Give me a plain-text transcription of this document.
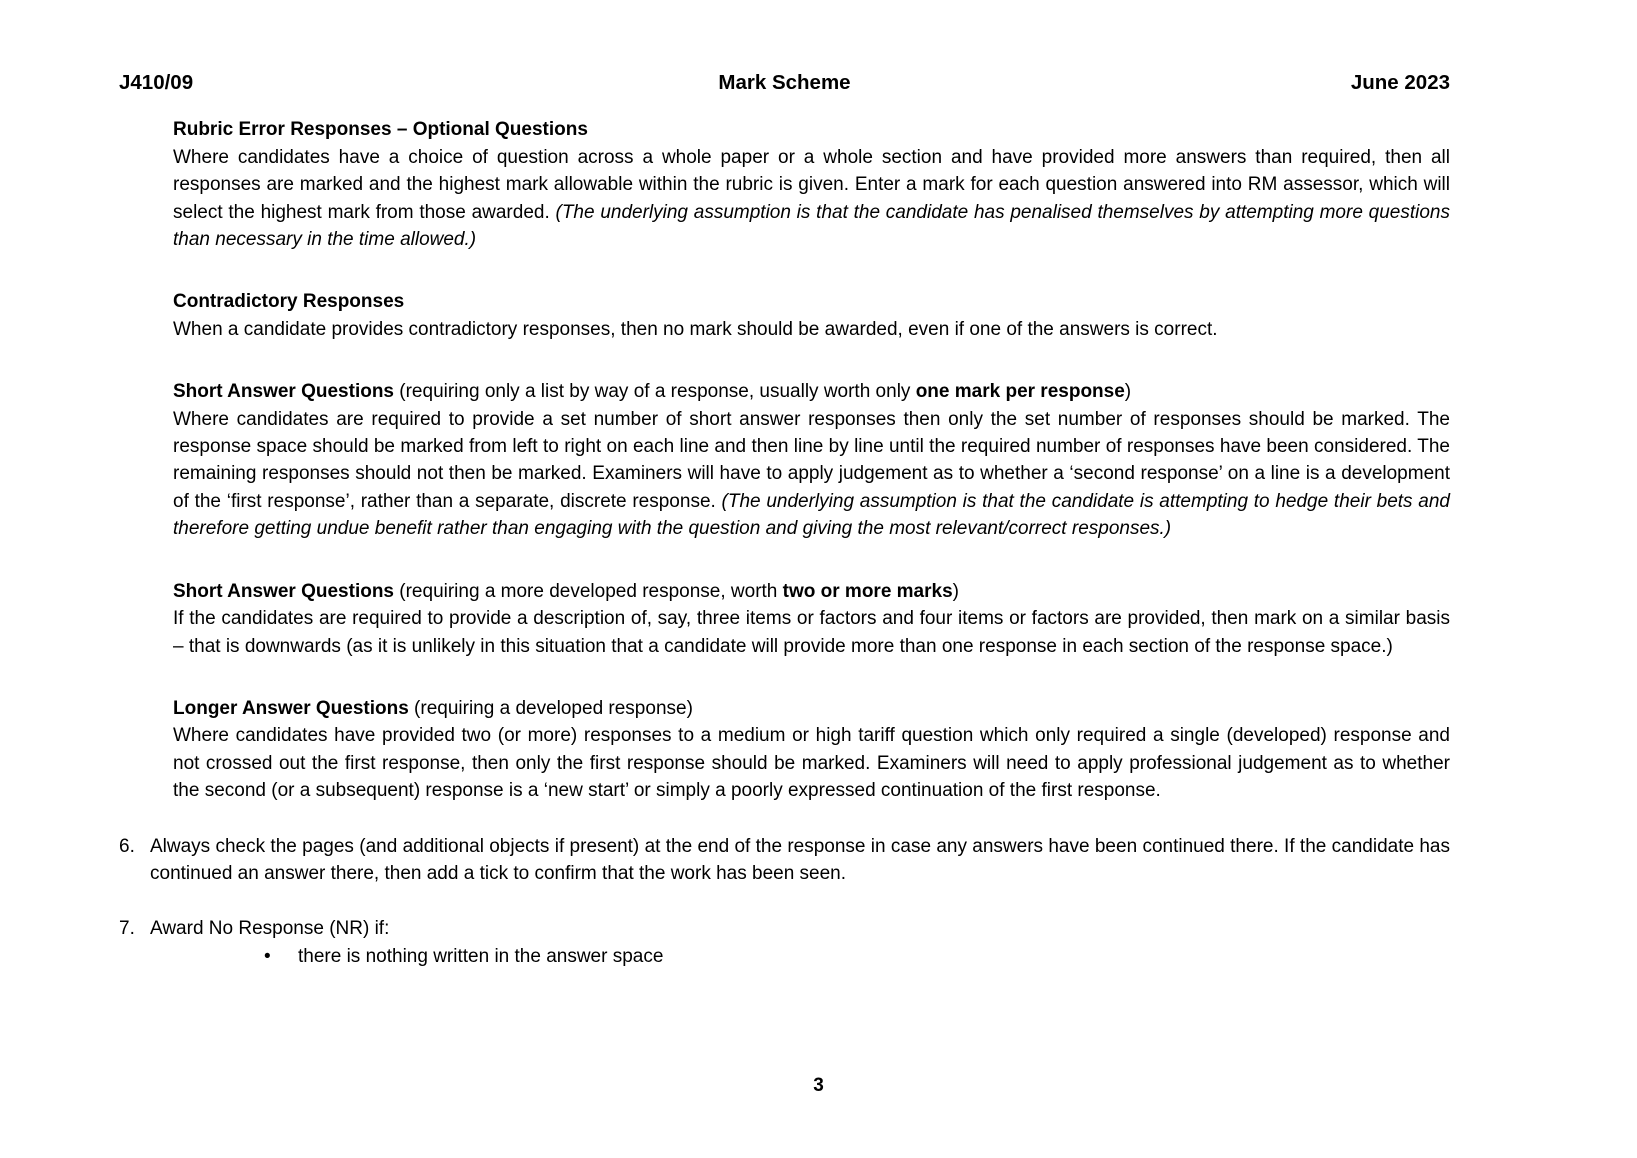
J410/09	Mark Scheme	June 2023
Rubric Error Responses – Optional Questions
Where candidates have a choice of question across a whole paper or a whole section and have provided more answers than required, then all responses are marked and the highest mark allowable within the rubric is given. Enter a mark for each question answered into RM assessor, which will select the highest mark from those awarded. (The underlying assumption is that the candidate has penalised themselves by attempting more questions than necessary in the time allowed.)
Contradictory Responses
When a candidate provides contradictory responses, then no mark should be awarded, even if one of the answers is correct.
Short Answer Questions (requiring only a list by way of a response, usually worth only one mark per response)
Where candidates are required to provide a set number of short answer responses then only the set number of responses should be marked. The response space should be marked from left to right on each line and then line by line until the required number of responses have been considered. The remaining responses should not then be marked. Examiners will have to apply judgement as to whether a ‘second response’ on a line is a development of the ‘first response’, rather than a separate, discrete response. (The underlying assumption is that the candidate is attempting to hedge their bets and therefore getting undue benefit rather than engaging with the question and giving the most relevant/correct responses.)
Short Answer Questions (requiring a more developed response, worth two or more marks)
If the candidates are required to provide a description of, say, three items or factors and four items or factors are provided, then mark on a similar basis – that is downwards (as it is unlikely in this situation that a candidate will provide more than one response in each section of the response space.)
Longer Answer Questions (requiring a developed response)
Where candidates have provided two (or more) responses to a medium or high tariff question which only required a single (developed) response and not crossed out the first response, then only the first response should be marked. Examiners will need to apply professional judgement as to whether the second (or a subsequent) response is a ‘new start’ or simply a poorly expressed continuation of the first response.
6. Always check the pages (and additional objects if present) at the end of the response in case any answers have been continued there. If the candidate has continued an answer there, then add a tick to confirm that the work has been seen.
7. Award No Response (NR) if:
•	there is nothing written in the answer space
3
